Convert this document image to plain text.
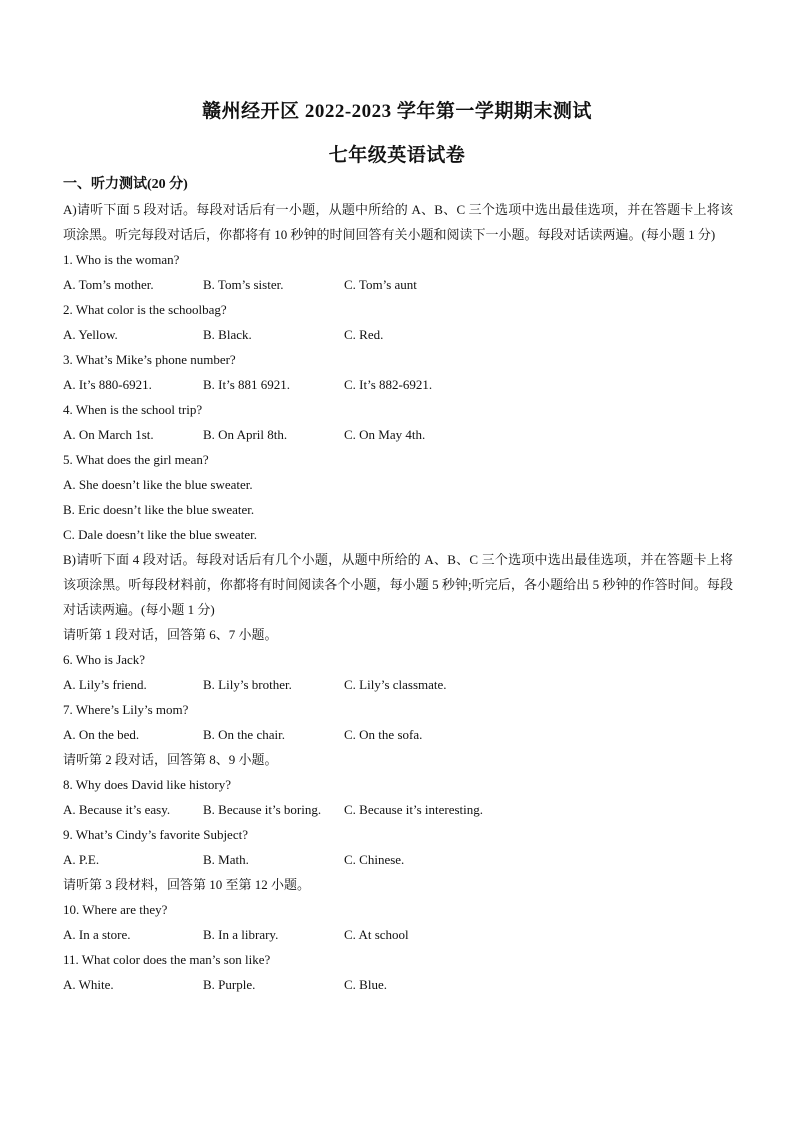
赣州经开区 2022-2023 学年第一学期期末测试
七年级英语试卷
一、听力测试(20 分)
A)请听下面 5 段对话。每段对话后有一小题，从题中所给的 A、B、C 三个选项中选出最佳选项，并在答题卡上将该项涂黑。听完每段对话后，你都将有 10 秒钟的时间回答有关小题和阅读下一小题。每段对话读两遍。(每小题 1 分)
1. Who is the woman?
A. Tom’s mother.	B. Tom’s sister.	C. Tom’s aunt
2. What color is the schoolbag?
A. Yellow.	B. Black.	C. Red.
3. What’s Mike’s phone number?
A. It’s 880-6921.	B. It’s 881 6921.	C. It’s 882-6921.
4. When is the school trip?
A. On March 1st.	B. On April 8th.	C. On May 4th.
5. What does the girl mean?
A. She doesn’t like the blue sweater.
B. Eric doesn’t like the blue sweater.
C. Dale doesn’t like the blue sweater.
B)请听下面 4 段对话。每段对话后有几个小题，从题中所给的 A、B、C 三个选项中选出最佳选项，并在答题卡上将该项涂黑。听每段材料前，你都将有时间阅读各个小题，每小题 5 秒钟;听完后，各小题给出 5 秒钟的作答时间。每段对话读两遍。(每小题 1 分)
请听第 1 段对话，回答第 6、7 小题。
6. Who is Jack?
A. Lily’s friend.	B. Lily’s brother.	C. Lily’s classmate.
7. Where’s Lily’s mom?
A. On the bed.	B. On the chair.	C. On the sofa.
请听第 2 段对话，回答第 8、9 小题。
8. Why does David like history?
A. Because it’s easy.	B. Because it’s boring. C. Because it’s interesting.
9. What’s Cindy’s favorite Subject?
A. P.E.	B. Math.	C. Chinese.
请听第 3 段材料，回答第 10 至第 12 小题。
10. Where are they?
A. In a store.	B. In a library.	C. At school
11. What color does the man’s son like?
A. White.	B. Purple.	C. Blue.
